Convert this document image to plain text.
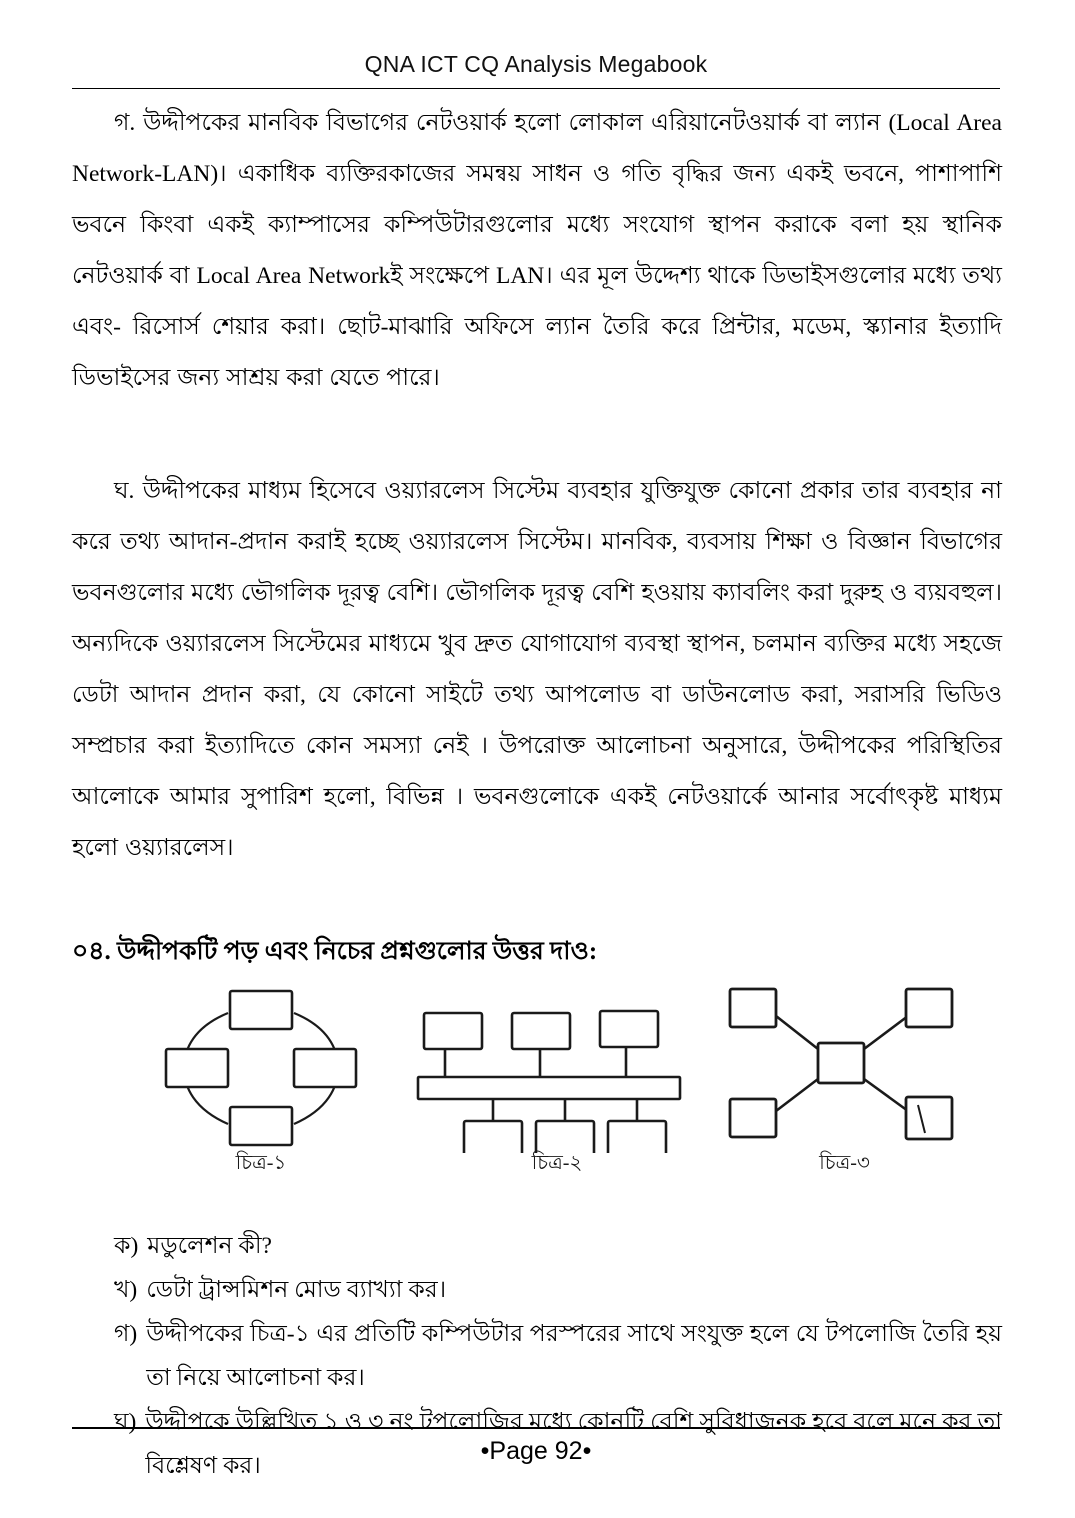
QNA ICT CQ Analysis Megabook

গ. উদ্দীপকের মানবিক বিভাগের নেটওয়ার্ক হলো লোকাল এরিয়ানেটওয়ার্ক বা ল্যান (Local Area Network-LAN)। একাধিক ব্যক্তিরকাজের সমন্বয় সাধন ও গতি বৃদ্ধির জন্য একই ভবনে, পাশাপাশি ভবনে কিংবা একই ক্যাম্পাসের কম্পিউটারগুলোর মধ্যে সংযোগ স্থাপন করাকে বলা হয় স্থানিক নেটওয়ার্ক বা Local Area Networkই সংক্ষেপে LAN। এর মূল উদ্দেশ্য থাকে ডিভাইসগুলোর মধ্যে তথ্য এবং- রিসোর্স শেয়ার করা। ছোট-মাঝারি অফিসে ল্যান তৈরি করে প্রিন্টার, মডেম, স্ক্যানার ইত্যাদি ডিভাইসের জন্য সাশ্রয় করা যেতে পারে।

ঘ. উদ্দীপকের মাধ্যম হিসেবে ওয়্যারলেস সিস্টেম ব্যবহার যুক্তিযুক্ত কোনো প্রকার তার ব্যবহার না করে তথ্য আদান-প্রদান করাই হচ্ছে ওয়্যারলেস সিস্টেম। মানবিক, ব্যবসায় শিক্ষা ও বিজ্ঞান বিভাগের ভবনগুলোর মধ্যে ভৌগলিক দূরত্ব বেশি। ভৌগলিক দূরত্ব বেশি হওয়ায় ক্যাবলিং করা দুরুহ ও ব্যয়বহুল। অন্যদিকে ওয়্যারলেস সিস্টেমের মাধ্যমে খুব দ্রুত যোগাযোগ ব্যবস্থা স্থাপন, চলমান ব্যক্তির মধ্যে সহজে ডেটা আদান প্রদান করা, যে কোনো সাইটে তথ্য আপলোড বা ডাউনলোড করা, সরাসরি ভিডিও সম্প্রচার করা ইত্যাদিতে কোন সমস্যা নেই । উপরোক্ত আলোচনা অনুসারে, উদ্দীপকের পরিস্থিতির আলোকে আমার সুপারিশ হলো, বিভিন্ন । ভবনগুলোকে একই নেটওয়ার্কে আনার সর্বোৎকৃষ্ট মাধ্যম হলো ওয়্যারলেস।

০৪. উদ্দীপকটি পড় এবং নিচের প্রশ্নগুলোর উত্তর দাও:

চিত্র-১	চিত্র-২	চিত্র-৩
ক) মডুলেশন কী?
খ) ডেটা ট্রান্সমিশন মোড ব্যাখ্যা কর।
গ) উদ্দীপকের চিত্র-১ এর প্রতিটি কম্পিউটার পরস্পরের সাথে সংযুক্ত হলে যে টপলোজি তৈরি হয় তা নিয়ে আলোচনা কর।
ঘ) উদ্দীপকে উল্লিখিত ১ ও ৩ নং টপলোজির মধ্যে কোনটি বেশি সুবিধাজনক হবে বলে মনে কর তা বিশ্লেষণ কর।
•Page 92•
